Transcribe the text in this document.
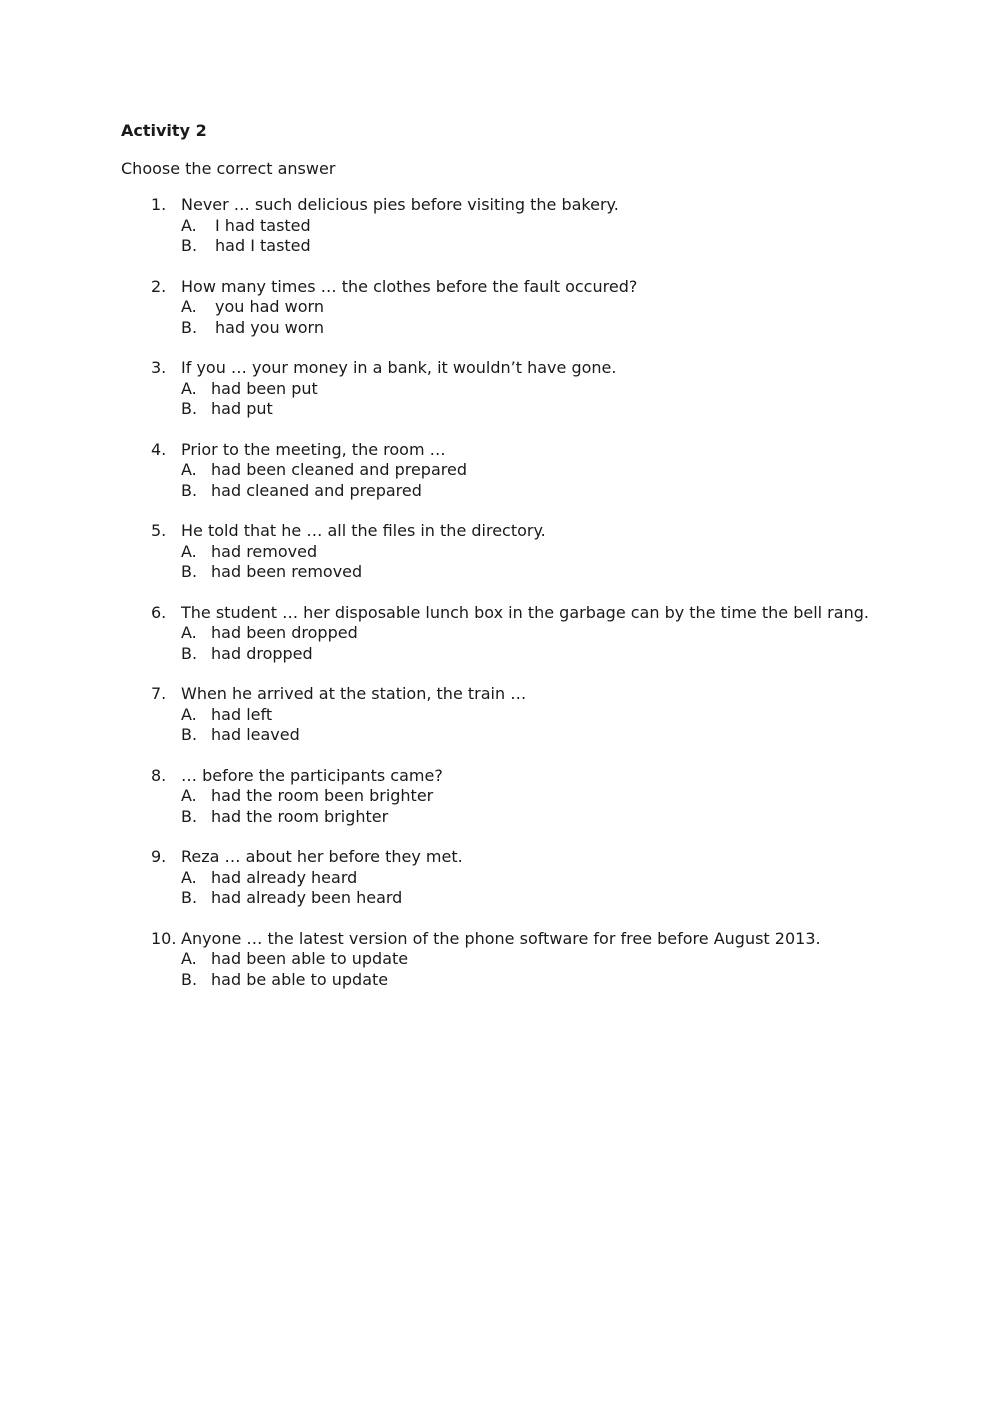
Activity 2
Choose the correct answer
1. Never … such delicious pies before visiting the bakery.
A. I had tasted
B. had I tasted
2. How many times … the clothes before the fault occured?
A. you had worn
B. had you worn
3. If you … your money in a bank, it wouldn’t have gone.
A. had been put
B. had put
4. Prior to the meeting, the room …
A. had been cleaned and prepared
B. had cleaned and prepared
5. He told that he … all the files in the directory.
A. had removed
B. had been removed
6. The student … her disposable lunch box in the garbage can by the time the bell rang.
A. had been dropped
B. had dropped
7. When he arrived at the station, the train …
A. had left
B. had leaved
8. … before the participants came?
A. had the room been brighter
B. had the room brighter
9. Reza … about her before they met.
A. had already heard
B. had already been heard
10. Anyone … the latest version of the phone software for free before August 2013.
A. had been able to update
B. had be able to update
